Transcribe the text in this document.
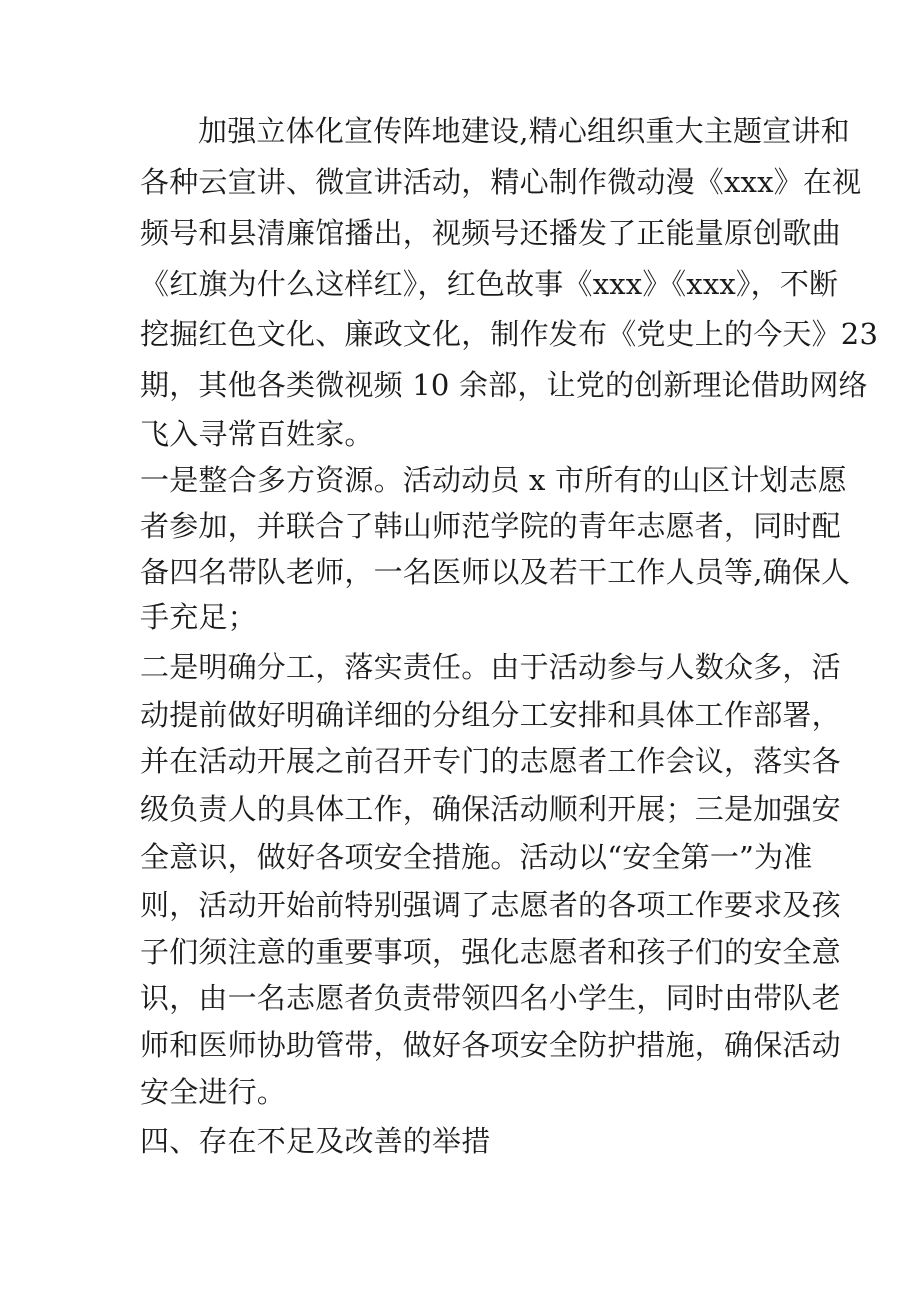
加强立体化宣传阵地建设,精心组织重大主题宣讲和
各种云宣讲、微宣讲活动，精心制作微动漫《xxx》在视
频号和县清廉馆播出，视频号还播发了正能量原创歌曲
《红旗为什么这样红》，红色故事《xxx》《xxx》，不断
挖掘红色文化、廉政文化，制作发布《党史上的今天》23
期，其他各类微视频 10 余部，让党的创新理论借助网络
飞入寻常百姓家。
一是整合多方资源。活动动员 x 市所有的山区计划志愿
者参加，并联合了韩山师范学院的青年志愿者，同时配
备四名带队老师，一名医师以及若干工作人员等,确保人
手充足；
二是明确分工，落实责任。由于活动参与人数众多，活
动提前做好明确详细的分组分工安排和具体工作部署，
并在活动开展之前召开专门的志愿者工作会议，落实各
级负责人的具体工作，确保活动顺利开展；三是加强安
全意识，做好各项安全措施。活动以“安全第一”为准
则，活动开始前特别强调了志愿者的各项工作要求及孩
子们须注意的重要事项，强化志愿者和孩子们的安全意
识，由一名志愿者负责带领四名小学生，同时由带队老
师和医师协助管带，做好各项安全防护措施，确保活动
安全进行。
四、存在不足及改善的举措
